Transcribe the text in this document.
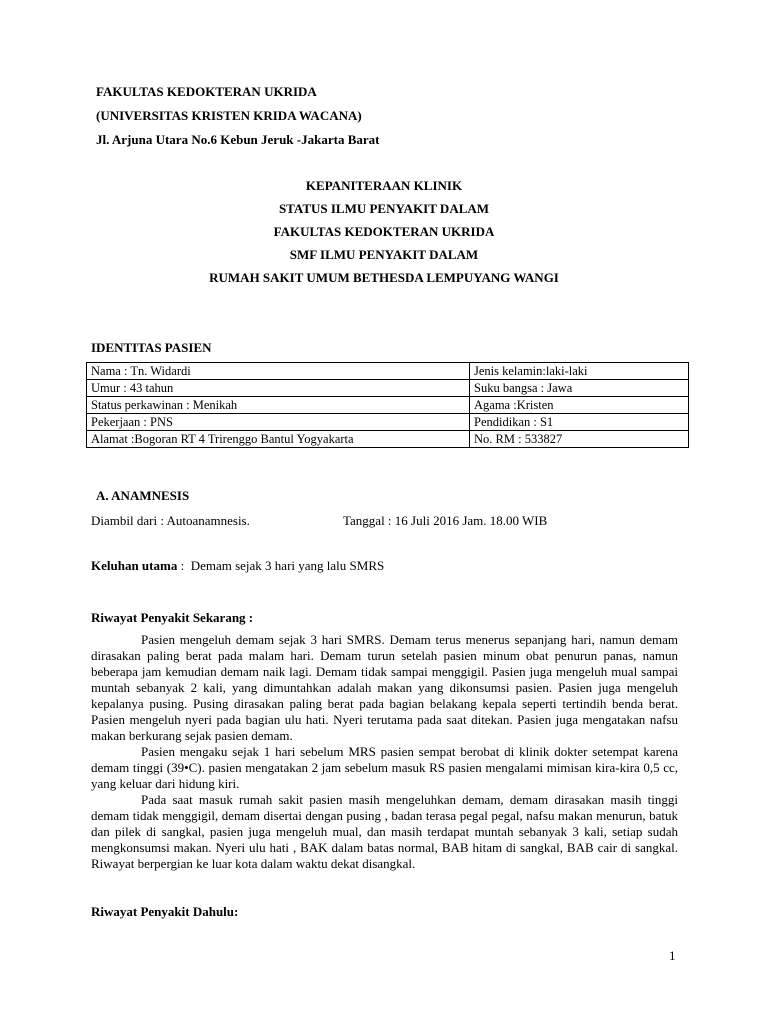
FAKULTAS KEDOKTERAN UKRIDA
(UNIVERSITAS KRISTEN KRIDA WACANA)
Jl. Arjuna Utara No.6 Kebun Jeruk -Jakarta Barat
KEPANITERAAN KLINIK
STATUS ILMU PENYAKIT DALAM
FAKULTAS KEDOKTERAN UKRIDA
SMF ILMU PENYAKIT DALAM
RUMAH SAKIT UMUM BETHESDA LEMPUYANG WANGI
IDENTITAS PASIEN
Nama : Tn. Widardi	Jenis kelamin:laki-laki
Umur : 43 tahun	Suku bangsa : Jawa
Status perkawinan : Menikah	Agama :Kristen
Pekerjaan : PNS	Pendidikan : S1
Alamat :Bogoran RT 4 Trirenggo Bantul Yogyakarta	No. RM : 533827
A. ANAMNESIS
Diambil dari : Autoanamnesis.	Tanggal : 16 Juli 2016 Jam. 18.00 WIB
Keluhan utama :  Demam sejak 3 hari yang lalu SMRS
Riwayat Penyakit Sekarang :

Pasien mengeluh demam sejak 3 hari SMRS. Demam terus menerus sepanjang hari, namun demam dirasakan paling berat pada malam hari. Demam turun setelah pasien minum obat penurun panas, namun beberapa jam kemudian demam naik lagi. Demam tidak sampai menggigil. Pasien juga mengeluh mual sampai muntah sebanyak 2 kali, yang dimuntahkan adalah makan yang dikonsumsi pasien. Pasien juga mengeluh kepalanya pusing. Pusing dirasakan paling berat pada bagian belakang kepala seperti tertindih benda berat. Pasien mengeluh nyeri pada bagian ulu hati. Nyeri terutama pada saat ditekan. Pasien juga mengatakan nafsu makan berkurang sejak pasien demam.

Pasien mengaku sejak 1 hari sebelum MRS pasien sempat berobat di klinik dokter setempat karena demam tinggi (39•C). pasien mengatakan 2 jam sebelum masuk RS pasien mengalami mimisan kira-kira 0,5 cc, yang keluar dari hidung kiri.

Pada saat masuk rumah sakit pasien masih mengeluhkan demam, demam dirasakan masih tinggi demam tidak menggigil, demam disertai dengan pusing , badan terasa pegal pegal, nafsu makan menurun, batuk dan pilek di sangkal, pasien juga mengeluh mual, dan masih terdapat muntah sebanyak 3 kali, setiap sudah mengkonsumsi makan. Nyeri ulu hati , BAK dalam batas normal, BAB hitam di sangkal, BAB cair di sangkal. Riwayat berpergian ke luar kota dalam waktu dekat disangkal.

Riwayat Penyakit Dahulu:
1
